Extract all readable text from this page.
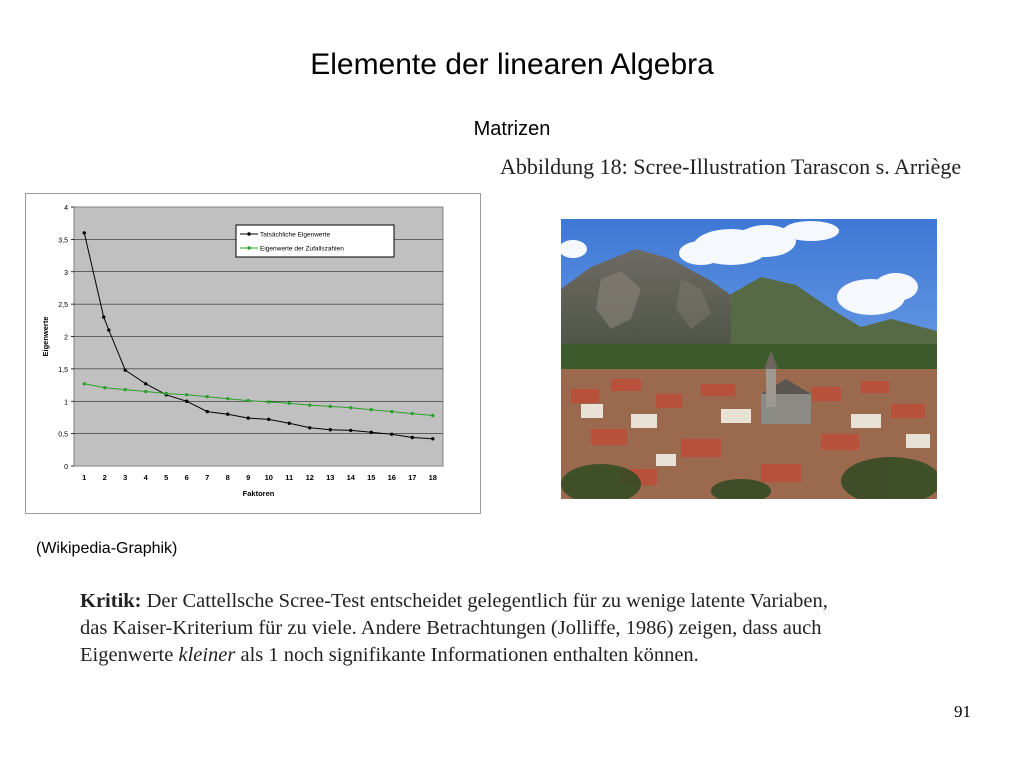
Elemente der linearen Algebra
Matrizen
Abbildung 18: Scree-Illustration Tarascon s. Arriège
0
0,5
1
1,5
2
2,5
3
3,5
4
1 2 3 4 5 6 7 8 9 10 11 12 13 14 15 16 17 18
Faktoren
Eigenwerte
Tatsächliche Eigenwerte
Eigenwerte der Zufallszahlen
(Wikipedia-Graphik)
Kritik: Der Cattellsche Scree-Test entscheidet gelegentlich für zu wenige latente Variaben, das Kaiser-Kriterium für zu viele. Andere Betrachtungen (Jolliffe, 1986) zeigen, dass auch Eigenwerte kleiner als 1 noch signifikante Informationen enthalten können.
91
